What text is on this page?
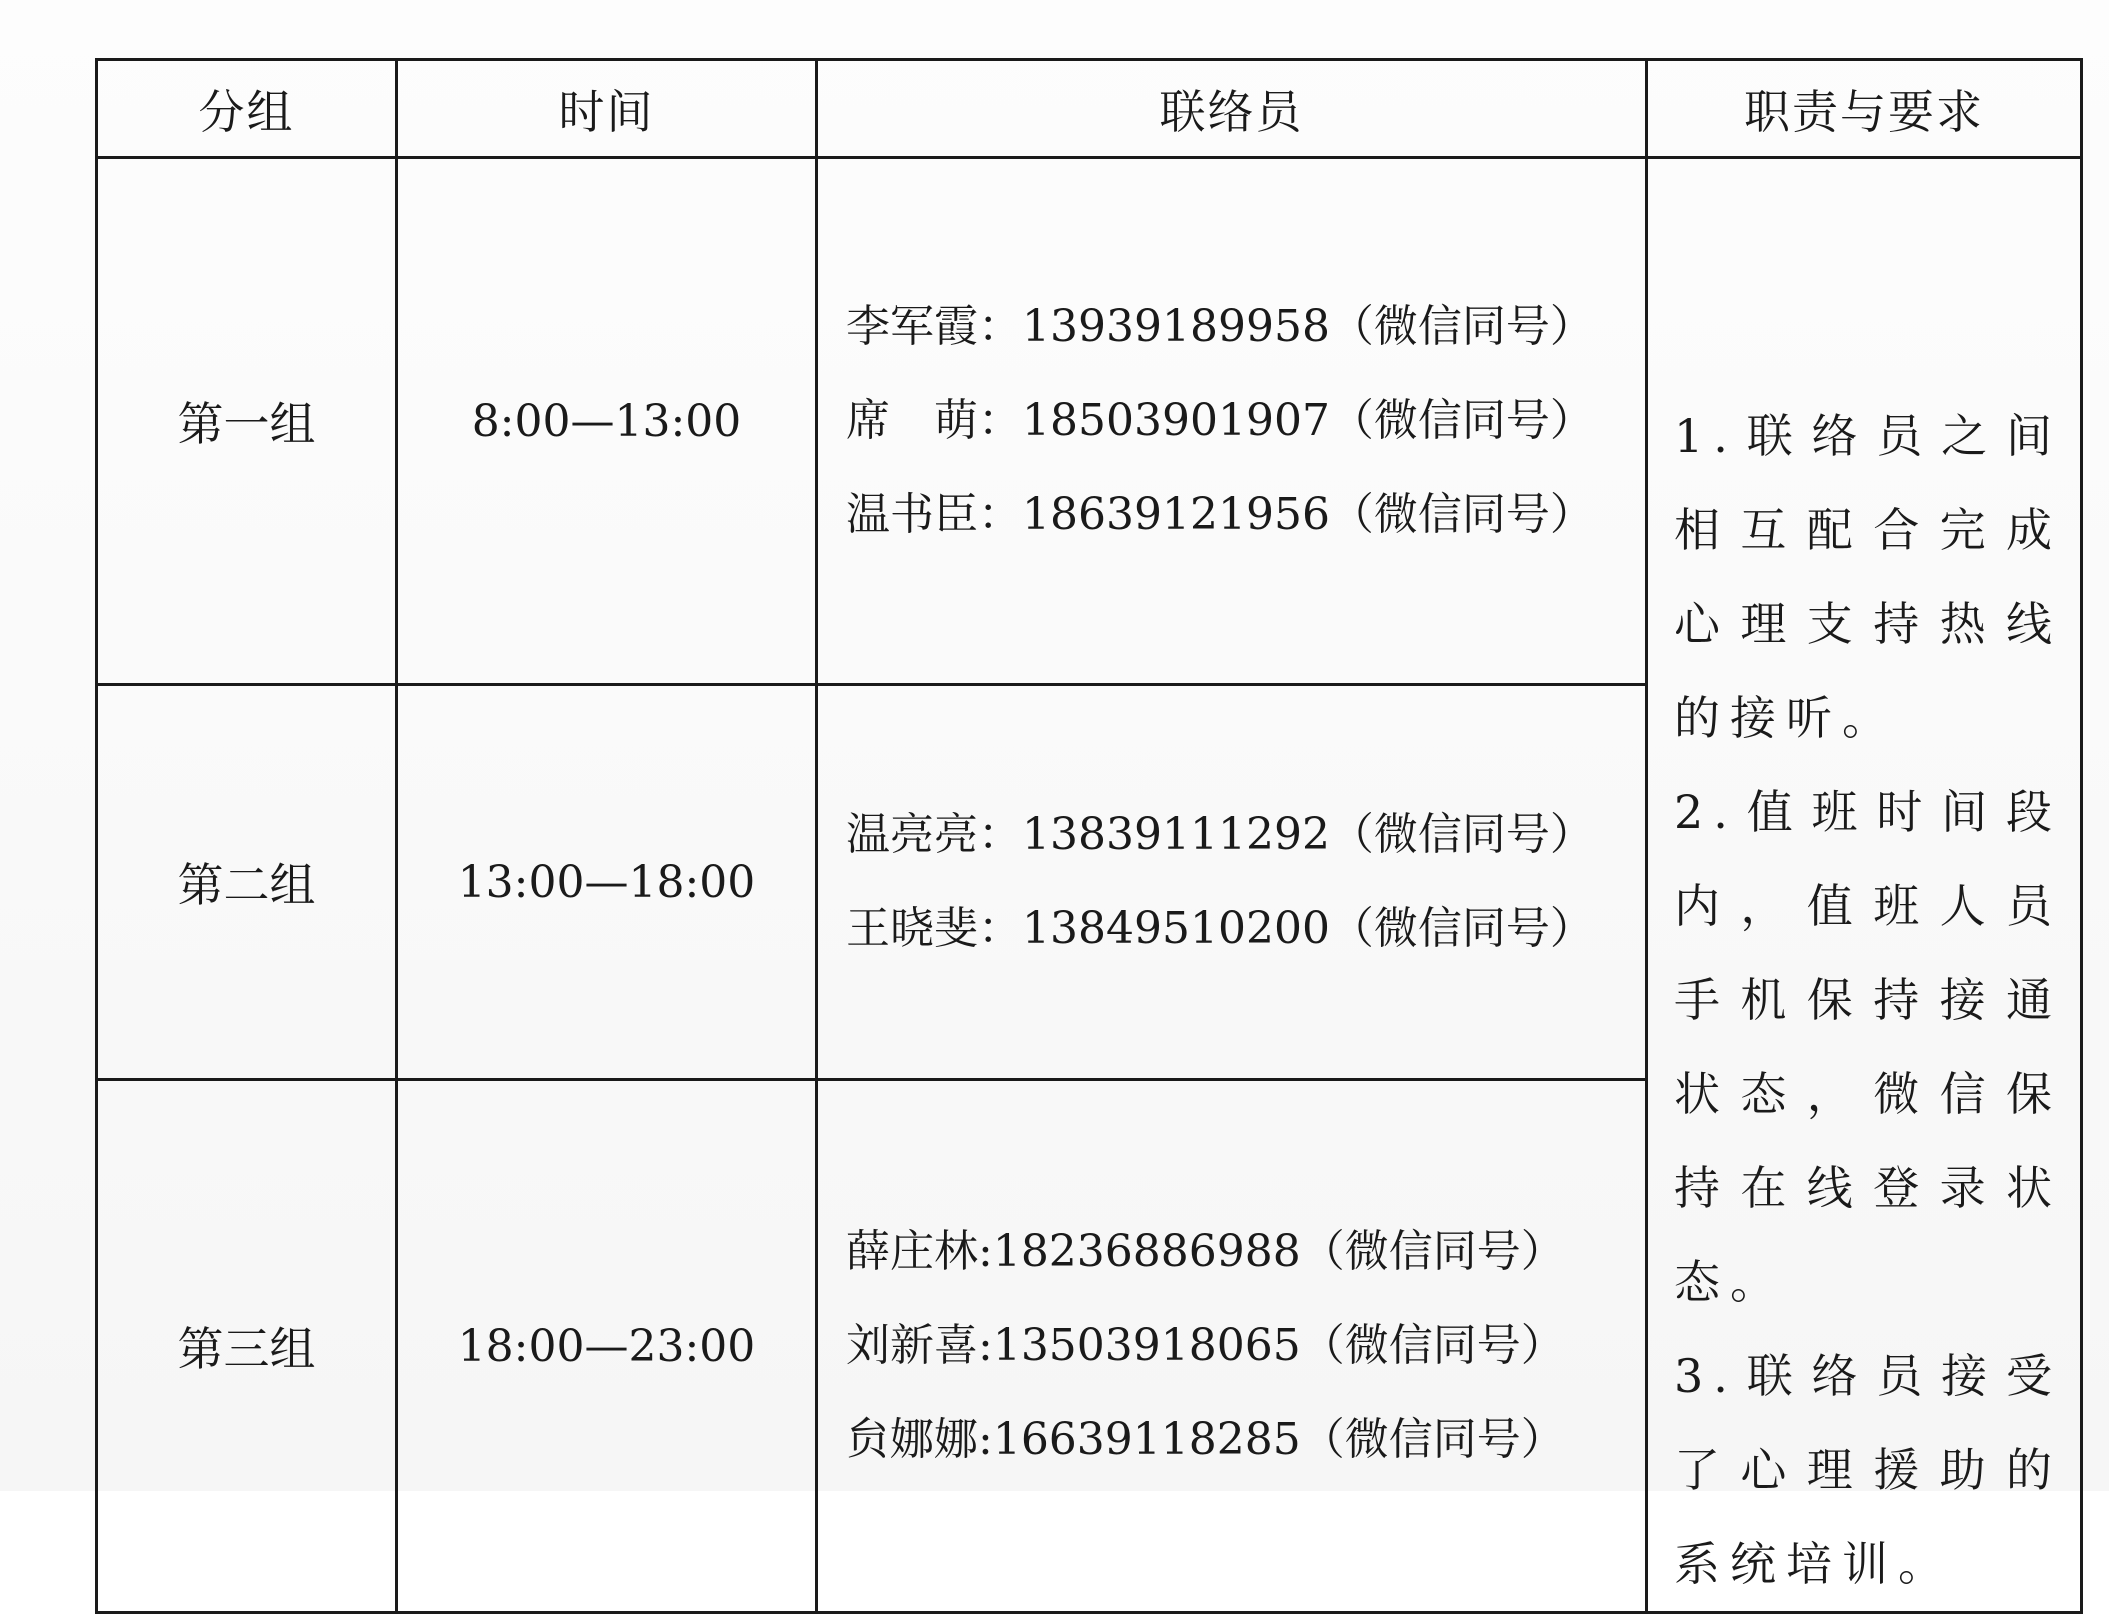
分组	时间	联络员	职责与要求
第一组	8:00—13:00	李军霞：13939189958（微信同号）
席　萌：18503901907（微信同号）
温书臣：18639121956（微信同号）	1.联络员之间相互配合完成心理支持热线的接听。
2.值班时间段内，值班人员手机保持接通状态，微信保持在线登录状态。
3.联络员接受了心理援助的系统培训。

第二组	13:00—18:00	温亮亮：13839111292（微信同号）
王晓斐：13849510200（微信同号）	

第三组	18:00—23:00	薛庄林:18236886988（微信同号）
刘新喜:13503918065（微信同号）
贠娜娜:16639118285（微信同号）	
